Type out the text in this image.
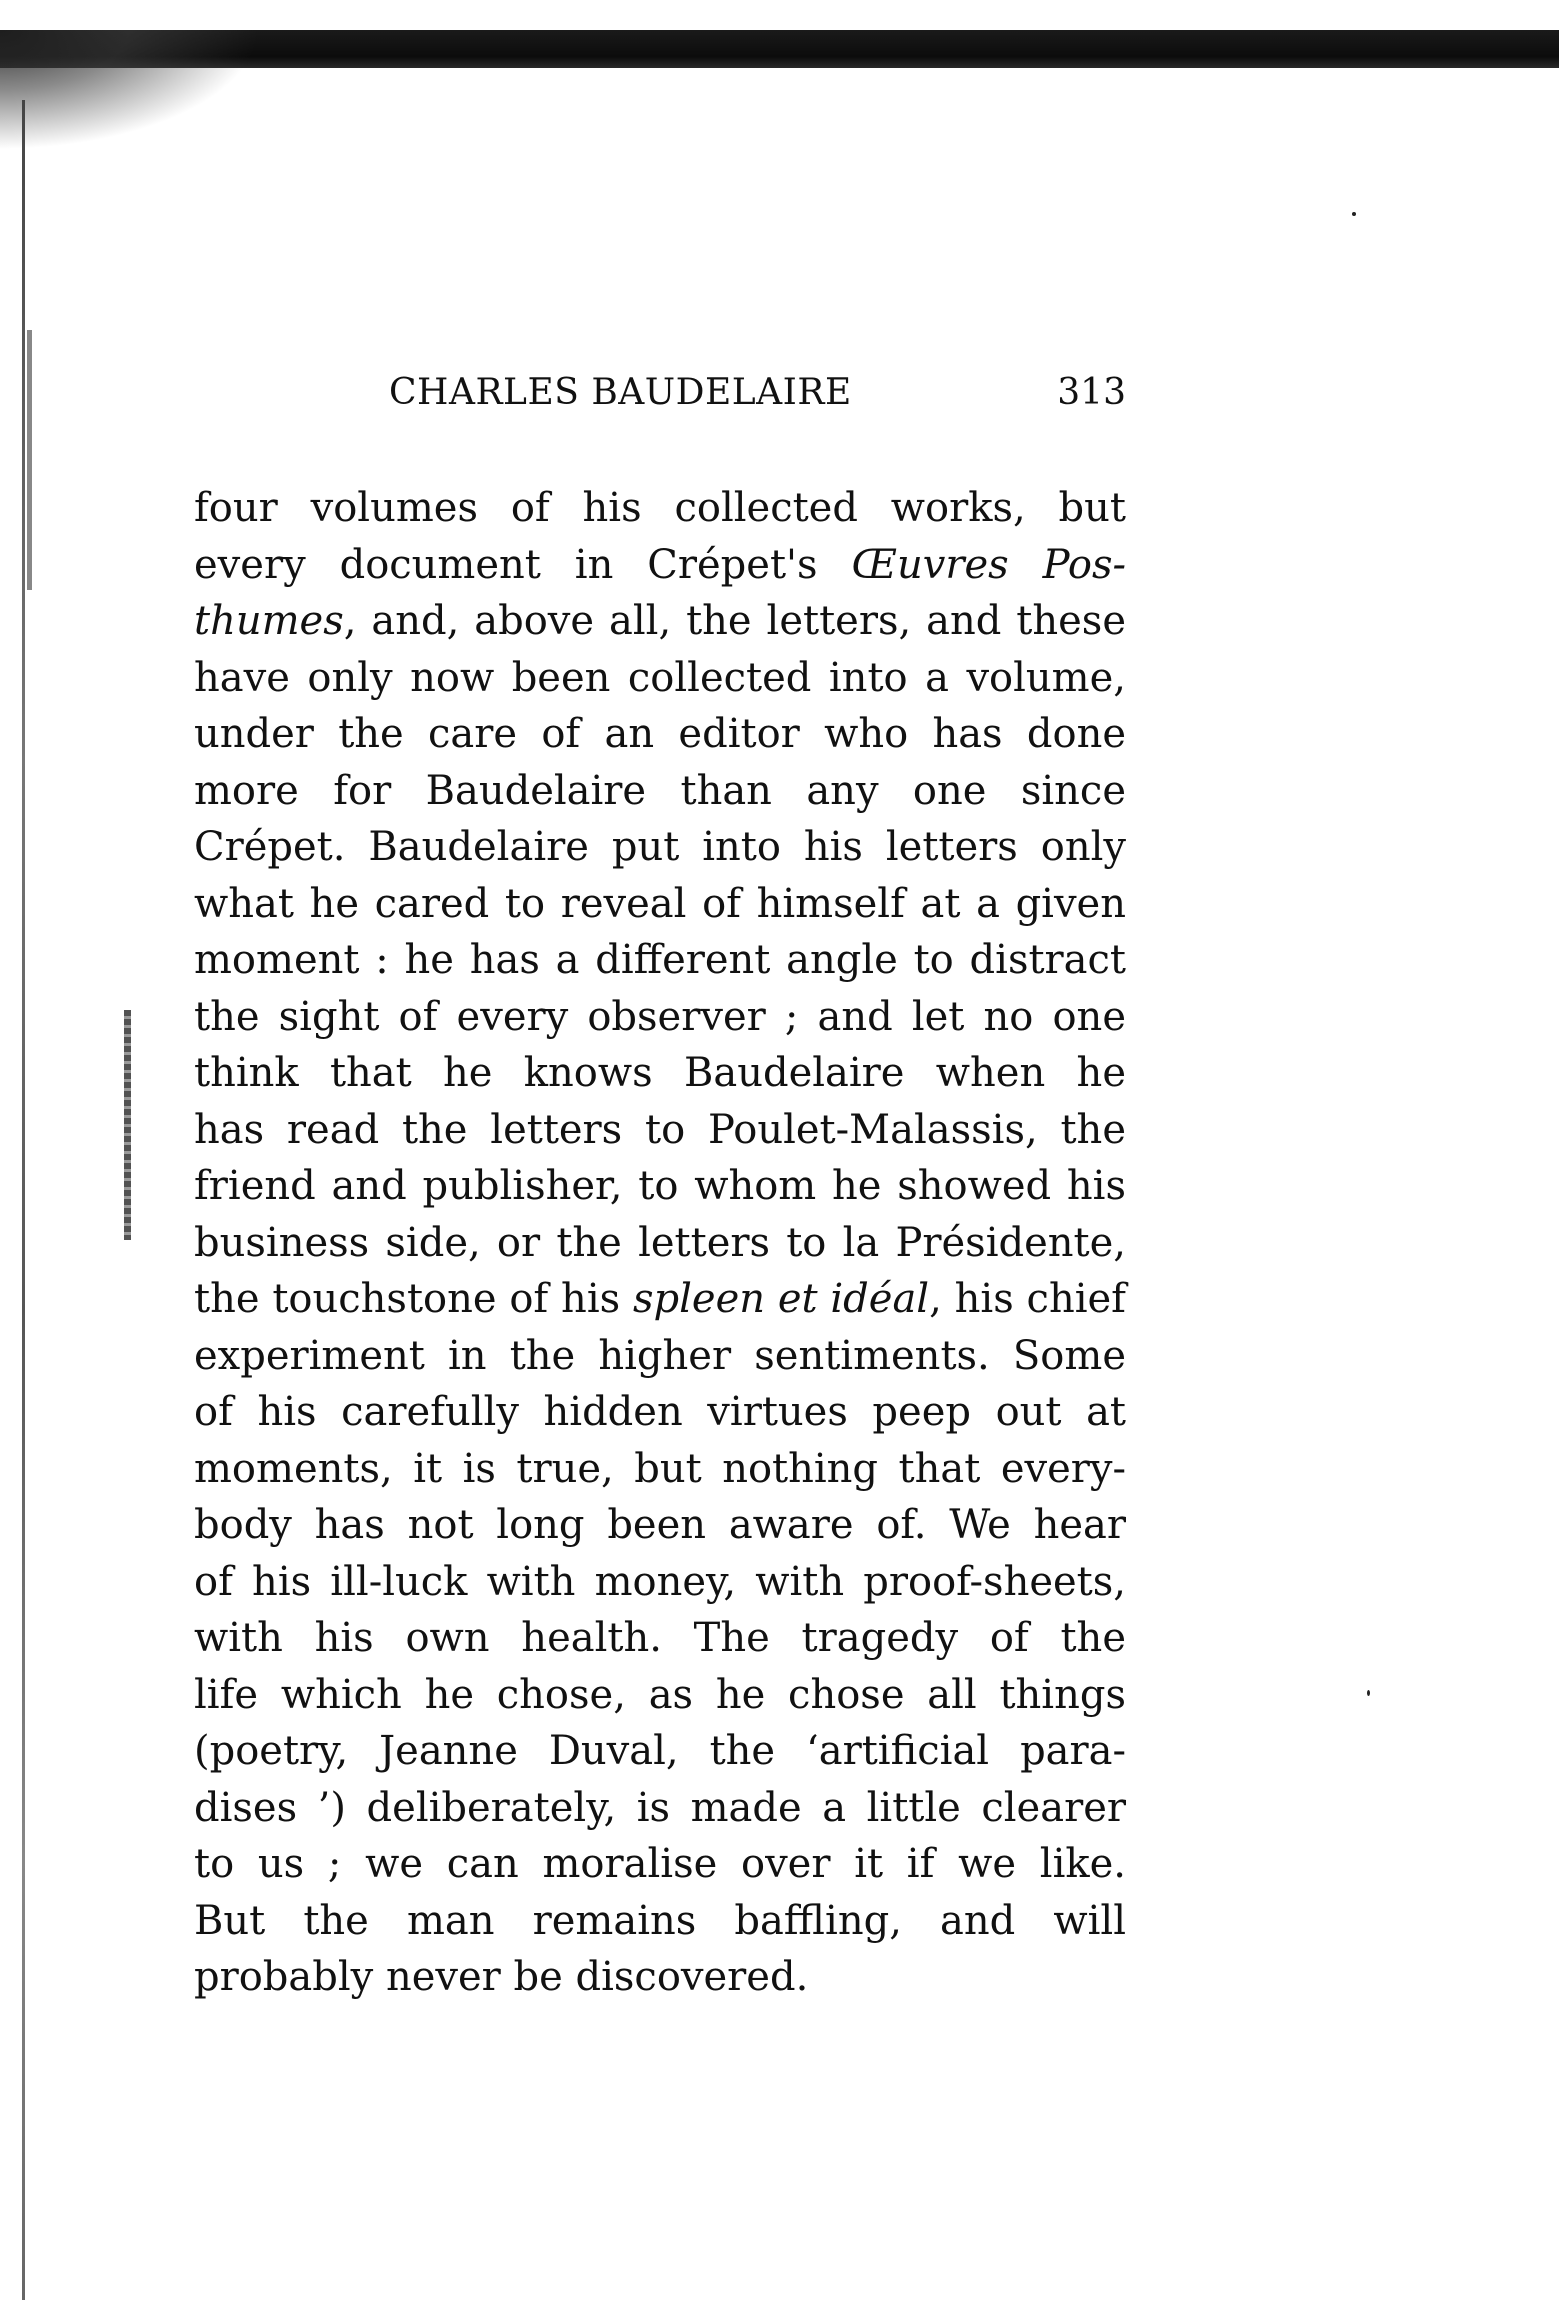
CHARLES BAUDELAIRE	313
four volumes of his collected works, but
every document in Crépet's Œuvres Pos-
thumes, and, above all, the letters, and these
have only now been collected into a volume,
under the care of an editor who has done
more for Baudelaire than any one since
Crépet. Baudelaire put into his letters only
what he cared to reveal of himself at a given
moment : he has a different angle to distract
the sight of every observer ; and let no one
think that he knows Baudelaire when he
has read the letters to Poulet-Malassis, the
friend and publisher, to whom he showed his
business side, or the letters to la Présidente,
the touchstone of his spleen et idéal, his chief
experiment in the higher sentiments. Some
of his carefully hidden virtues peep out at
moments, it is true, but nothing that every-
body has not long been aware of. We hear
of his ill-luck with money, with proof-sheets,
with his own health. The tragedy of the
life which he chose, as he chose all things
(poetry, Jeanne Duval, the ‘artificial para-
dises ’) deliberately, is made a little clearer
to us ; we can moralise over it if we like.
But the man remains baffling, and will
probably never be discovered.
